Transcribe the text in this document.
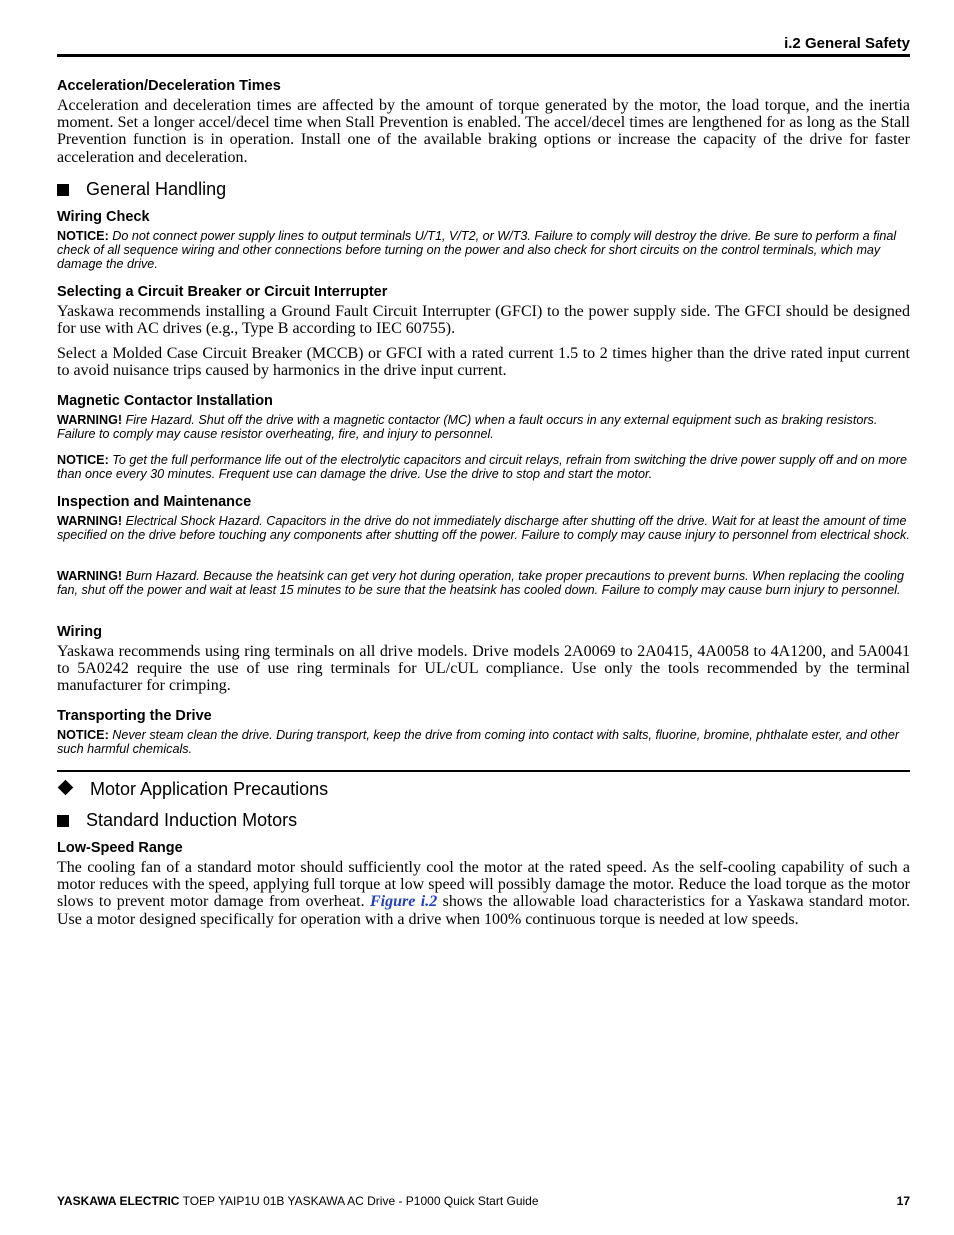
i.2 General Safety
Acceleration/Deceleration Times
Acceleration and deceleration times are affected by the amount of torque generated by the motor, the load torque, and the inertia moment. Set a longer accel/decel time when Stall Prevention is enabled. The accel/decel times are lengthened for as long as the Stall Prevention function is in operation. Install one of the available braking options or increase the capacity of the drive for faster acceleration and deceleration.
General Handling
Wiring Check
NOTICE: Do not connect power supply lines to output terminals U/T1, V/T2, or W/T3. Failure to comply will destroy the drive. Be sure to perform a final check of all sequence wiring and other connections before turning on the power and also check for short circuits on the control terminals, which may damage the drive.
Selecting a Circuit Breaker or Circuit Interrupter
Yaskawa recommends installing a Ground Fault Circuit Interrupter (GFCI) to the power supply side. The GFCI should be designed for use with AC drives (e.g., Type B according to IEC 60755).
Select a Molded Case Circuit Breaker (MCCB) or GFCI with a rated current 1.5 to 2 times higher than the drive rated input current to avoid nuisance trips caused by harmonics in the drive input current.
Magnetic Contactor Installation
WARNING! Fire Hazard. Shut off the drive with a magnetic contactor (MC) when a fault occurs in any external equipment such as braking resistors. Failure to comply may cause resistor overheating, fire, and injury to personnel.
NOTICE: To get the full performance life out of the electrolytic capacitors and circuit relays, refrain from switching the drive power supply off and on more than once every 30 minutes. Frequent use can damage the drive. Use the drive to stop and start the motor.
Inspection and Maintenance
WARNING! Electrical Shock Hazard. Capacitors in the drive do not immediately discharge after shutting off the drive. Wait for at least the amount of time specified on the drive before touching any components after shutting off the power. Failure to comply may cause injury to personnel from electrical shock.
WARNING! Burn Hazard. Because the heatsink can get very hot during operation, take proper precautions to prevent burns. When replacing the cooling fan, shut off the power and wait at least 15 minutes to be sure that the heatsink has cooled down. Failure to comply may cause burn injury to personnel.
Wiring
Yaskawa recommends using ring terminals on all drive models. Drive models 2A0069 to 2A0415, 4A0058 to 4A1200, and 5A0041 to 5A0242 require the use of use ring terminals for UL/cUL compliance. Use only the tools recommended by the terminal manufacturer for crimping.
Transporting the Drive
NOTICE: Never steam clean the drive. During transport, keep the drive from coming into contact with salts, fluorine, bromine, phthalate ester, and other such harmful chemicals.
Motor Application Precautions
Standard Induction Motors
Low-Speed Range
The cooling fan of a standard motor should sufficiently cool the motor at the rated speed. As the self-cooling capability of such a motor reduces with the speed, applying full torque at low speed will possibly damage the motor. Reduce the load torque as the motor slows to prevent motor damage from overheat. Figure i.2 shows the allowable load characteristics for a Yaskawa standard motor. Use a motor designed specifically for operation with a drive when 100% continuous torque is needed at low speeds.
YASKAWA ELECTRIC TOEP YAIP1U 01B YASKAWA AC Drive - P1000 Quick Start Guide	17
